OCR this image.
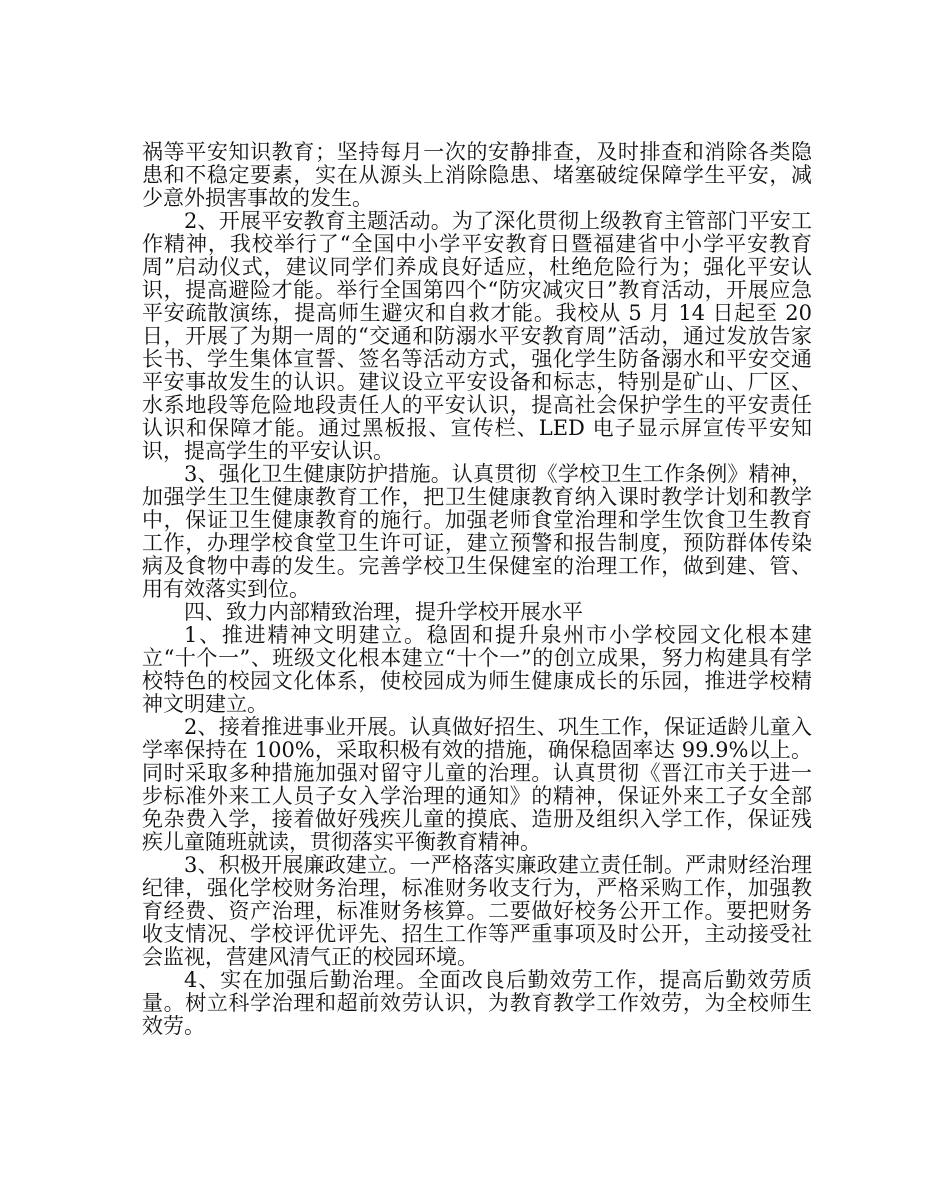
祸等平安知识教育；坚持每月一次的安静排查，及时排查和消除各类隐患和不稳定要素，实在从源头上消除隐患、堵塞破绽保障学生平安，减少意外损害事故的发生。

2、开展平安教育主题活动。为了深化贯彻上级教育主管部门平安工作精神，我校举行了“全国中小学平安教育日暨福建省中小学平安教育周”启动仪式，建议同学们养成良好适应，杜绝危险行为；强化平安认识，提高避险才能。举行全国第四个“防灾减灾日”教育活动，开展应急平安疏散演练，提高师生避灾和自救才能。我校从 5 月 14 日起至 20 日，开展了为期一周的“交通和防溺水平安教育周”活动，通过发放告家长书、学生集体宣誓、签名等活动方式，强化学生防备溺水和平安交通平安事故发生的认识。建议设立平安设备和标志，特别是矿山、厂区、水系地段等危险地段责任人的平安认识，提高社会保护学生的平安责任认识和保障才能。通过黑板报、宣传栏、LED 电子显示屏宣传平安知识，提高学生的平安认识。

3、强化卫生健康防护措施。认真贯彻《学校卫生工作条例》精神，加强学生卫生健康教育工作，把卫生健康教育纳入课时教学计划和教学中，保证卫生健康教育的施行。加强老师食堂治理和学生饮食卫生教育工作，办理学校食堂卫生许可证，建立预警和报告制度，预防群体传染病及食物中毒的发生。完善学校卫生保健室的治理工作，做到建、管、用有效落实到位。

四、致力内部精致治理，提升学校开展水平

1、推进精神文明建立。稳固和提升泉州市小学校园文化根本建立“十个一”、班级文化根本建立“十个一”的创立成果，努力构建具有学校特色的校园文化体系，使校园成为师生健康成长的乐园，推进学校精神文明建立。

2、接着推进事业开展。认真做好招生、巩生工作，保证适龄儿童入学率保持在 100%，采取积极有效的措施，确保稳固率达 99.9%以上。同时采取多种措施加强对留守儿童的治理。认真贯彻《晋江市关于进一步标准外来工人员子女入学治理的通知》的精神，保证外来工子女全部免杂费入学，接着做好残疾儿童的摸底、造册及组织入学工作，保证残疾儿童随班就读，贯彻落实平衡教育精神。

3、积极开展廉政建立。一严格落实廉政建立责任制。严肃财经治理纪律，强化学校财务治理，标准财务收支行为，严格采购工作，加强教育经费、资产治理，标准财务核算。二要做好校务公开工作。要把财务收支情况、学校评优评先、招生工作等严重事项及时公开，主动接受社会监视，营建风清气正的校园环境。

4、实在加强后勤治理。全面改良后勤效劳工作，提高后勤效劳质量。树立科学治理和超前效劳认识，为教育教学工作效劳，为全校师生效劳。
